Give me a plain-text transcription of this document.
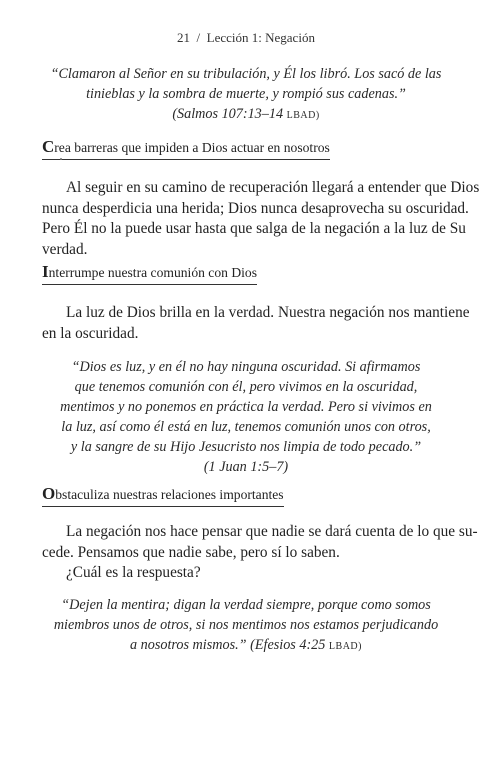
21 / Lección 1: Negación
“Clamaron al Señor en su tribulación, y Él los libró. Los sacó de las
tinieblas y la sombra de muerte, y rompió sus cadenas.”
(Salmos 107:13–14 LBAD)
Crea barreras que impiden a Dios actuar en nosotros
Al seguir en su camino de recuperación llegará a entender que Dios
nunca desperdicia una herida; Dios nunca desaprovecha su oscuridad.
Pero Él no la puede usar hasta que salga de la negación a la luz de Su
verdad.
Interrumpe nuestra comunión con Dios
La luz de Dios brilla en la verdad. Nuestra negación nos mantiene
en la oscuridad.
“Dios es luz, y en él no hay ninguna oscuridad. Si afirmamos
que tenemos comunión con él, pero vivimos en la oscuridad,
mentimos y no ponemos en práctica la verdad. Pero si vivimos en
la luz, así como él está en luz, tenemos comunión unos con otros,
y la sangre de su Hijo Jesucristo nos limpia de todo pecado.”
(1 Juan 1:5–7)
Obstaculiza nuestras relaciones importantes
La negación nos hace pensar que nadie se dará cuenta de lo que su-
cede. Pensamos que nadie sabe, pero sí lo saben.
¿Cuál es la respuesta?
“Dejen la mentira; digan la verdad siempre, porque como somos
miembros unos de otros, si nos mentimos nos estamos perjudicando
a nosotros mismos.” (Efesios 4:25 LBAD)
